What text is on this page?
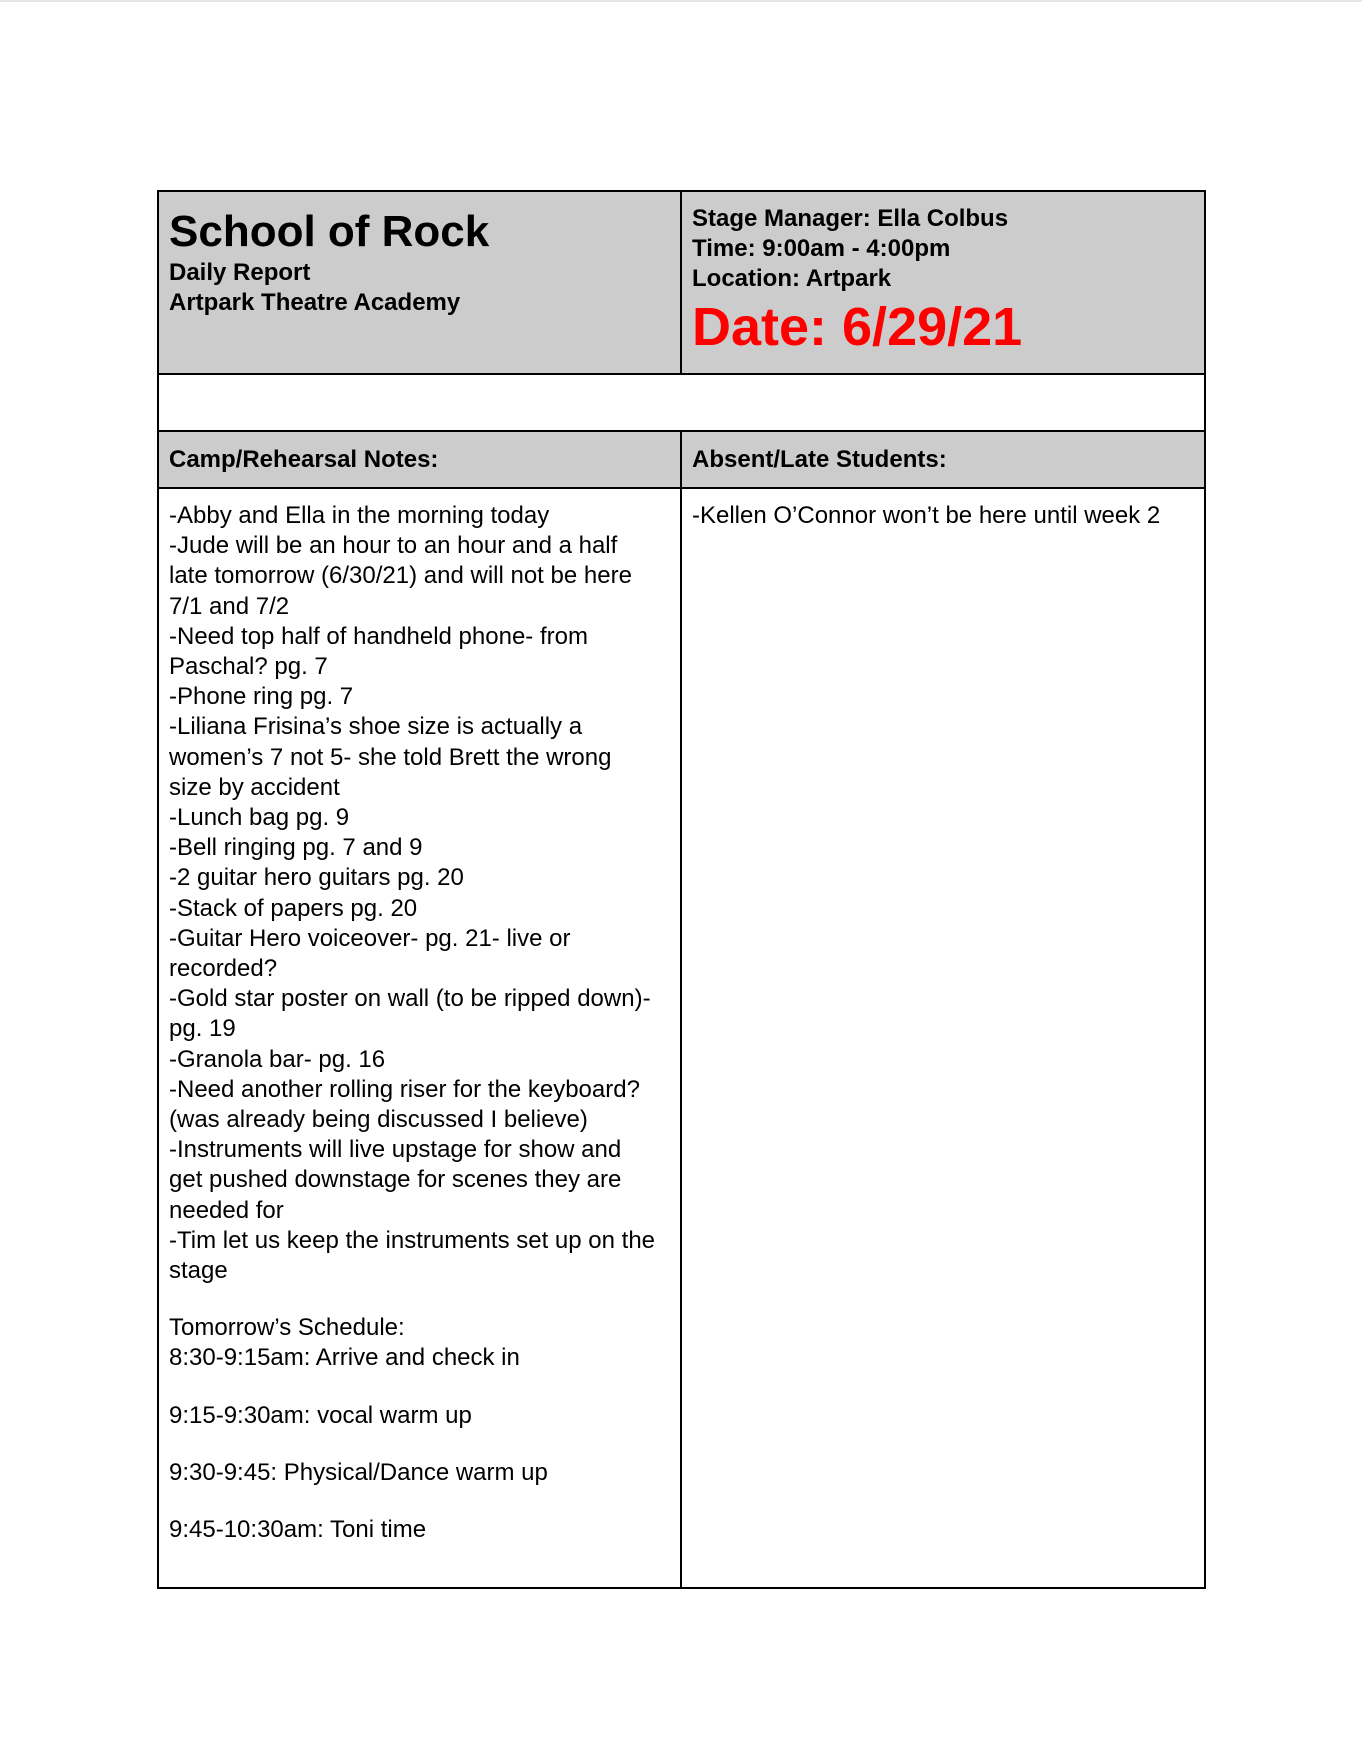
School of Rock
Daily Report
Artpark Theatre Academy
Stage Manager: Ella Colbus
Time: 9:00am - 4:00pm
Location: Artpark
Date: 6/29/21
Camp/Rehearsal Notes:	Absent/Late Students:
-Abby and Ella in the morning today
-Jude will be an hour to an hour and a half
late tomorrow (6/30/21) and will not be here
7/1 and 7/2
-Need top half of handheld phone- from
Paschal? pg. 7
-Phone ring pg. 7
-Liliana Frisina’s shoe size is actually a
women’s 7 not 5- she told Brett the wrong
size by accident
-Lunch bag pg. 9
-Bell ringing pg. 7 and 9
-2 guitar hero guitars pg. 20
-Stack of papers pg. 20
-Guitar Hero voiceover- pg. 21- live or
recorded?
-Gold star poster on wall (to be ripped down)-
pg. 19
-Granola bar- pg. 16
-Need another rolling riser for the keyboard?
(was already being discussed I believe)
-Instruments will live upstage for show and
get pushed downstage for scenes they are
needed for
-Tim let us keep the instruments set up on the
stage
Tomorrow’s Schedule:
8:30-9:15am: Arrive and check in
9:15-9:30am: vocal warm up
9:30-9:45: Physical/Dance warm up
9:45-10:30am: Toni time
-Kellen O’Connor won’t be here until week 2
